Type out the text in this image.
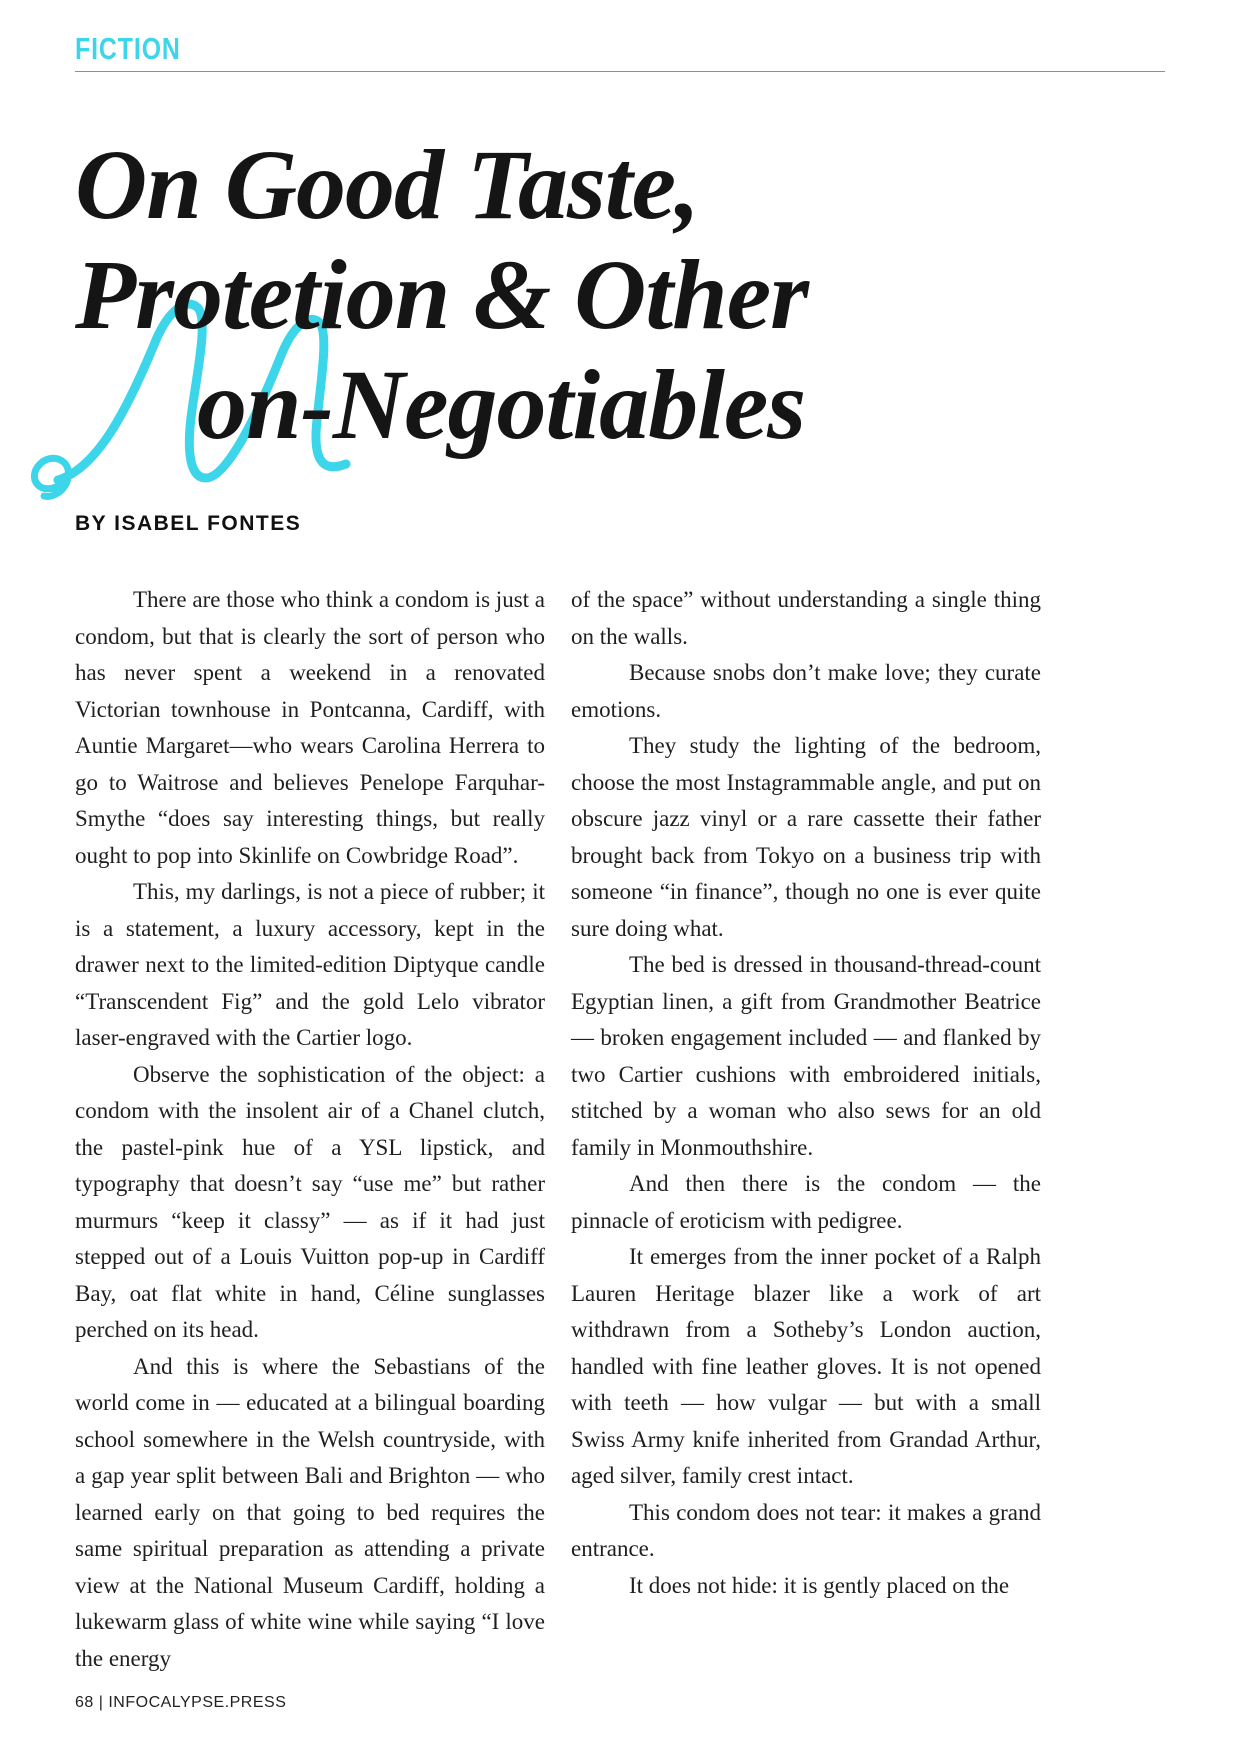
FICTION
On Good Taste,
Protetion & Other
on-Negotiables
BY ISABEL FONTES

There are those who think a condom is just a condom, but that is clearly the sort of person who has never spent a weekend in a renovated Victorian townhouse in Pontcanna, Cardiff, with Auntie Margaret—who wears Carolina Herrera to go to Waitrose and believes Penelope Farquhar-Smythe “does say interesting things, but really ought to pop into Skinlife on Cowbridge Road”.

This, my darlings, is not a piece of rubber; it is a statement, a luxury accessory, kept in the drawer next to the limited-edition Diptyque candle “Transcendent Fig” and the gold Lelo vibrator laser-engraved with the Cartier logo.

Observe the sophistication of the object: a condom with the insolent air of a Chanel clutch, the pastel-pink hue of a YSL lipstick, and typography that doesn’t say “use me” but rather murmurs “keep it classy” — as if it had just stepped out of a Louis Vuitton pop-up in Cardiff Bay, oat flat white in hand, Céline sunglasses perched on its head.

And this is where the Sebastians of the world come in — educated at a bilingual boarding school somewhere in the Welsh countryside, with a gap year split between Bali and Brighton — who learned early on that going to bed requires the same spiritual preparation as attending a private view at the National Museum Cardiff, holding a lukewarm glass of white wine while saying “I love the energy

of the space” without understanding a single thing on the walls.

Because snobs don’t make love; they curate emotions.

They study the lighting of the bedroom, choose the most Instagrammable angle, and put on obscure jazz vinyl or a rare cassette their father brought back from Tokyo on a business trip with someone “in finance”, though no one is ever quite sure doing what.

The bed is dressed in thousand-thread-count Egyptian linen, a gift from Grandmother Beatrice — broken engagement included — and flanked by two Cartier cushions with embroidered initials, stitched by a woman who also sews for an old family in Monmouthshire.

And then there is the condom — the pinnacle of eroticism with pedigree.

It emerges from the inner pocket of a Ralph Lauren Heritage blazer like a work of art withdrawn from a Sotheby’s London auction, handled with fine leather gloves. It is not opened with teeth — how vulgar — but with a small Swiss Army knife inherited from Grandad Arthur, aged silver, family crest intact.

This condom does not tear: it makes a grand entrance.

It does not hide: it is gently placed on the

68 | INFOCALYPSE.PRESS
